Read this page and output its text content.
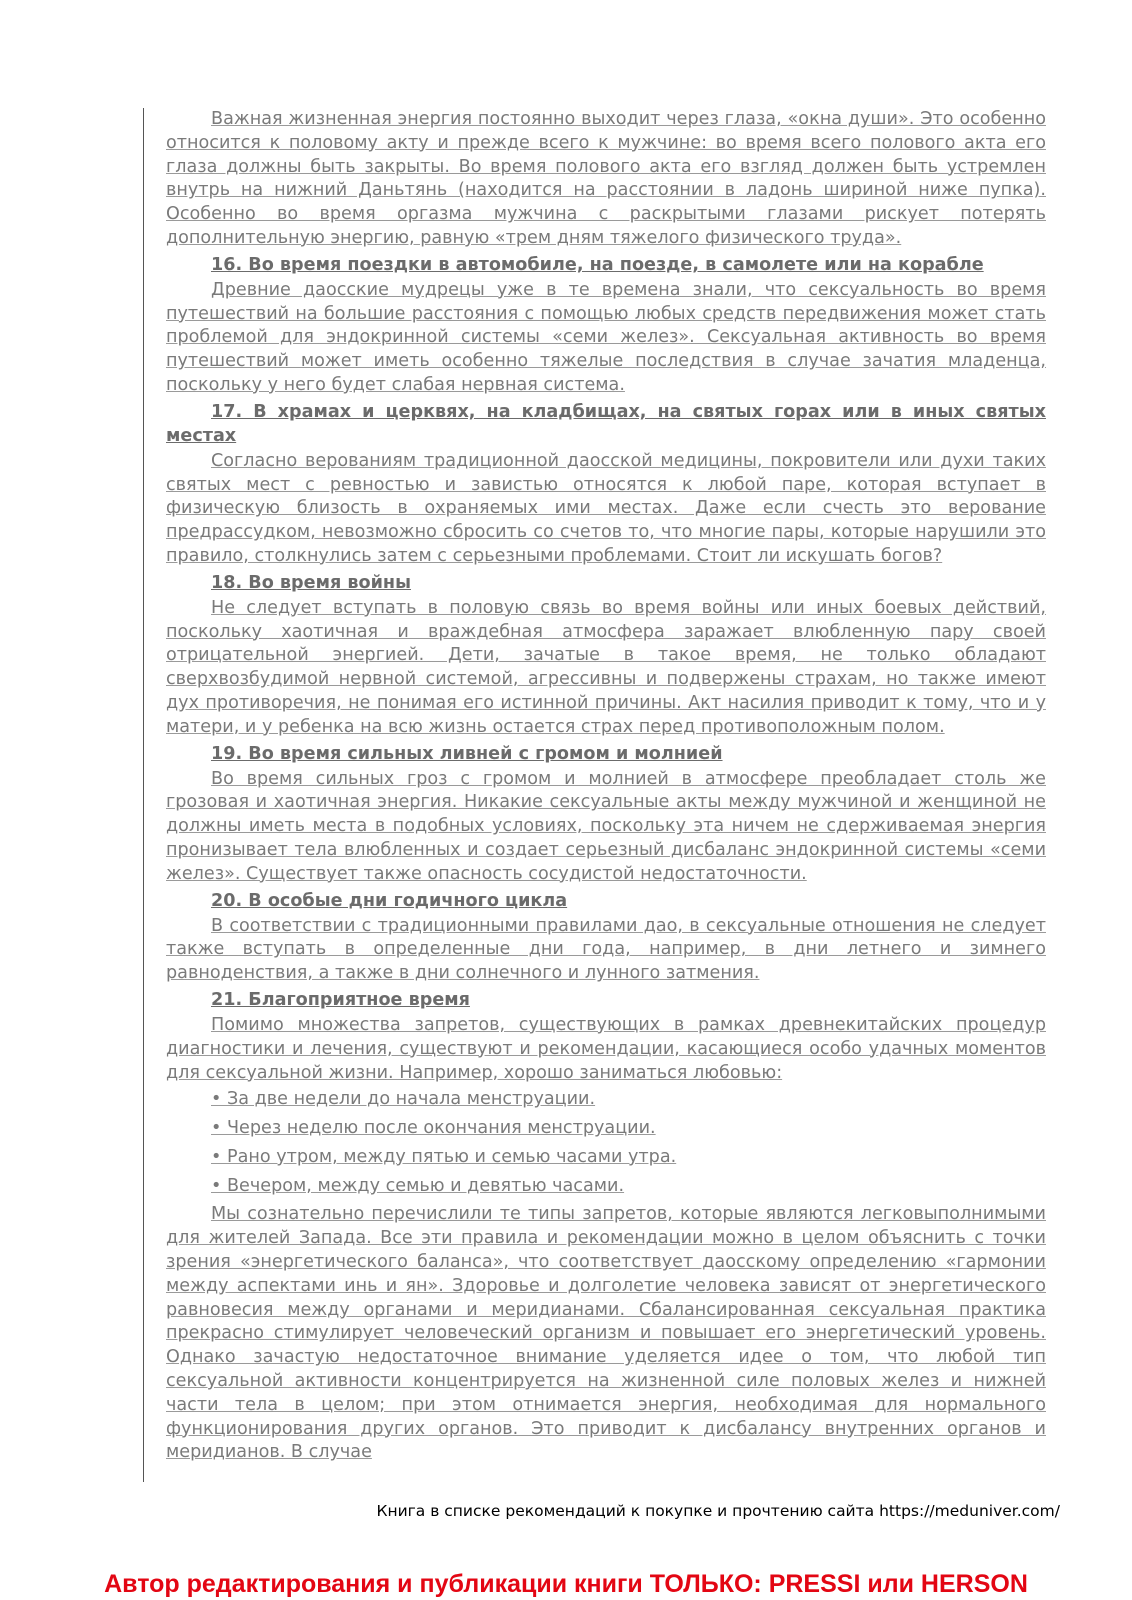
Важная жизненная энергия постоянно выходит через глаза, «окна души». Это особенно относится к половому акту и прежде всего к мужчине: во время всего полового акта его глаза должны быть закрыты. Во время полового акта его взгляд должен быть устремлен внутрь на нижний Даньтянь (находится на расстоянии в ладонь шириной ниже пупка). Особенно во время оргазма мужчина с раскрытыми глазами рискует потерять дополнительную энергию, равную «трем дням тяжелого физического труда».

16. Во время поездки в автомобиле, на поезде, в самолете или на корабле

Древние даосские мудрецы уже в те времена знали, что сексуальность во время путешествий на большие расстояния с помощью любых средств передвижения может стать проблемой для эндокринной системы «семи желез». Сексуальная активность во время путешествий может иметь особенно тяжелые последствия в случае зачатия младенца, поскольку у него будет слабая нервная система.

17. В храмах и церквях, на кладбищах, на святых горах или в иных святых местах

Согласно верованиям традиционной даосской медицины, покровители или духи таких святых мест с ревностью и завистью относятся к любой паре, которая вступает в физическую близость в охраняемых ими местах. Даже если счесть это верование предрассудком, невозможно сбросить со счетов то, что многие пары, которые нарушили это правило, столкнулись затем с серьезными проблемами. Стоит ли искушать богов?

18. Во время войны

Не следует вступать в половую связь во время войны или иных боевых действий, поскольку хаотичная и враждебная атмосфера заражает влюбленную пару своей отрицательной энергией. Дети, зачатые в такое время, не только обладают сверхвозбудимой нервной системой, агрессивны и подвержены страхам, но также имеют дух противоречия, не понимая его истинной причины. Акт насилия приводит к тому, что и у матери, и у ребенка на всю жизнь остается страх перед противоположным полом.

19. Во время сильных ливней с громом и молнией

Во время сильных гроз с громом и молнией в атмосфере преобладает столь же грозовая и хаотичная энергия. Никакие сексуальные акты между мужчиной и женщиной не должны иметь места в подобных условиях, поскольку эта ничем не сдерживаемая энергия пронизывает тела влюбленных и создает серьезный дисбаланс эндокринной системы «семи желез». Существует также опасность сосудистой недостаточности.

20. В особые дни годичного цикла

В соответствии с традиционными правилами дао, в сексуальные отношения не следует также вступать в определенные дни года, например, в дни летнего и зимнего равноденствия, а также в дни солнечного и лунного затмения.

21. Благоприятное время

Помимо множества запретов, существующих в рамках древнекитайских процедур диагностики и лечения, существуют и рекомендации, касающиеся особо удачных моментов для сексуальной жизни. Например, хорошо заниматься любовью:

• За две недели до начала менструации.
• Через неделю после окончания менструации.
• Рано утром, между пятью и семью часами утра.
• Вечером, между семью и девятью часами.

Мы сознательно перечислили те типы запретов, которые являются легковыполнимыми для жителей Запада. Все эти правила и рекомендации можно в целом объяснить с точки зрения «энергетического баланса», что соответствует даосскому определению «гармонии между аспектами инь и ян». Здоровье и долголетие человека зависят от энергетического равновесия между органами и меридианами. Сбалансированная сексуальная практика прекрасно стимулирует человеческий организм и повышает его энергетический уровень. Однако зачастую недостаточное внимание уделяется идее о том, что любой тип сексуальной активности концентрируется на жизненной силе половых желез и нижней части тела в целом; при этом отнимается энергия, необходимая для нормального функционирования других органов. Это приводит к дисбалансу внутренних органов и меридианов. В случае

Книга в списке рекомендаций к покупке и прочтению сайта https://meduniver.com/
Автор редактирования и публикации книги ТОЛЬКО: PRESSI или HERSON
